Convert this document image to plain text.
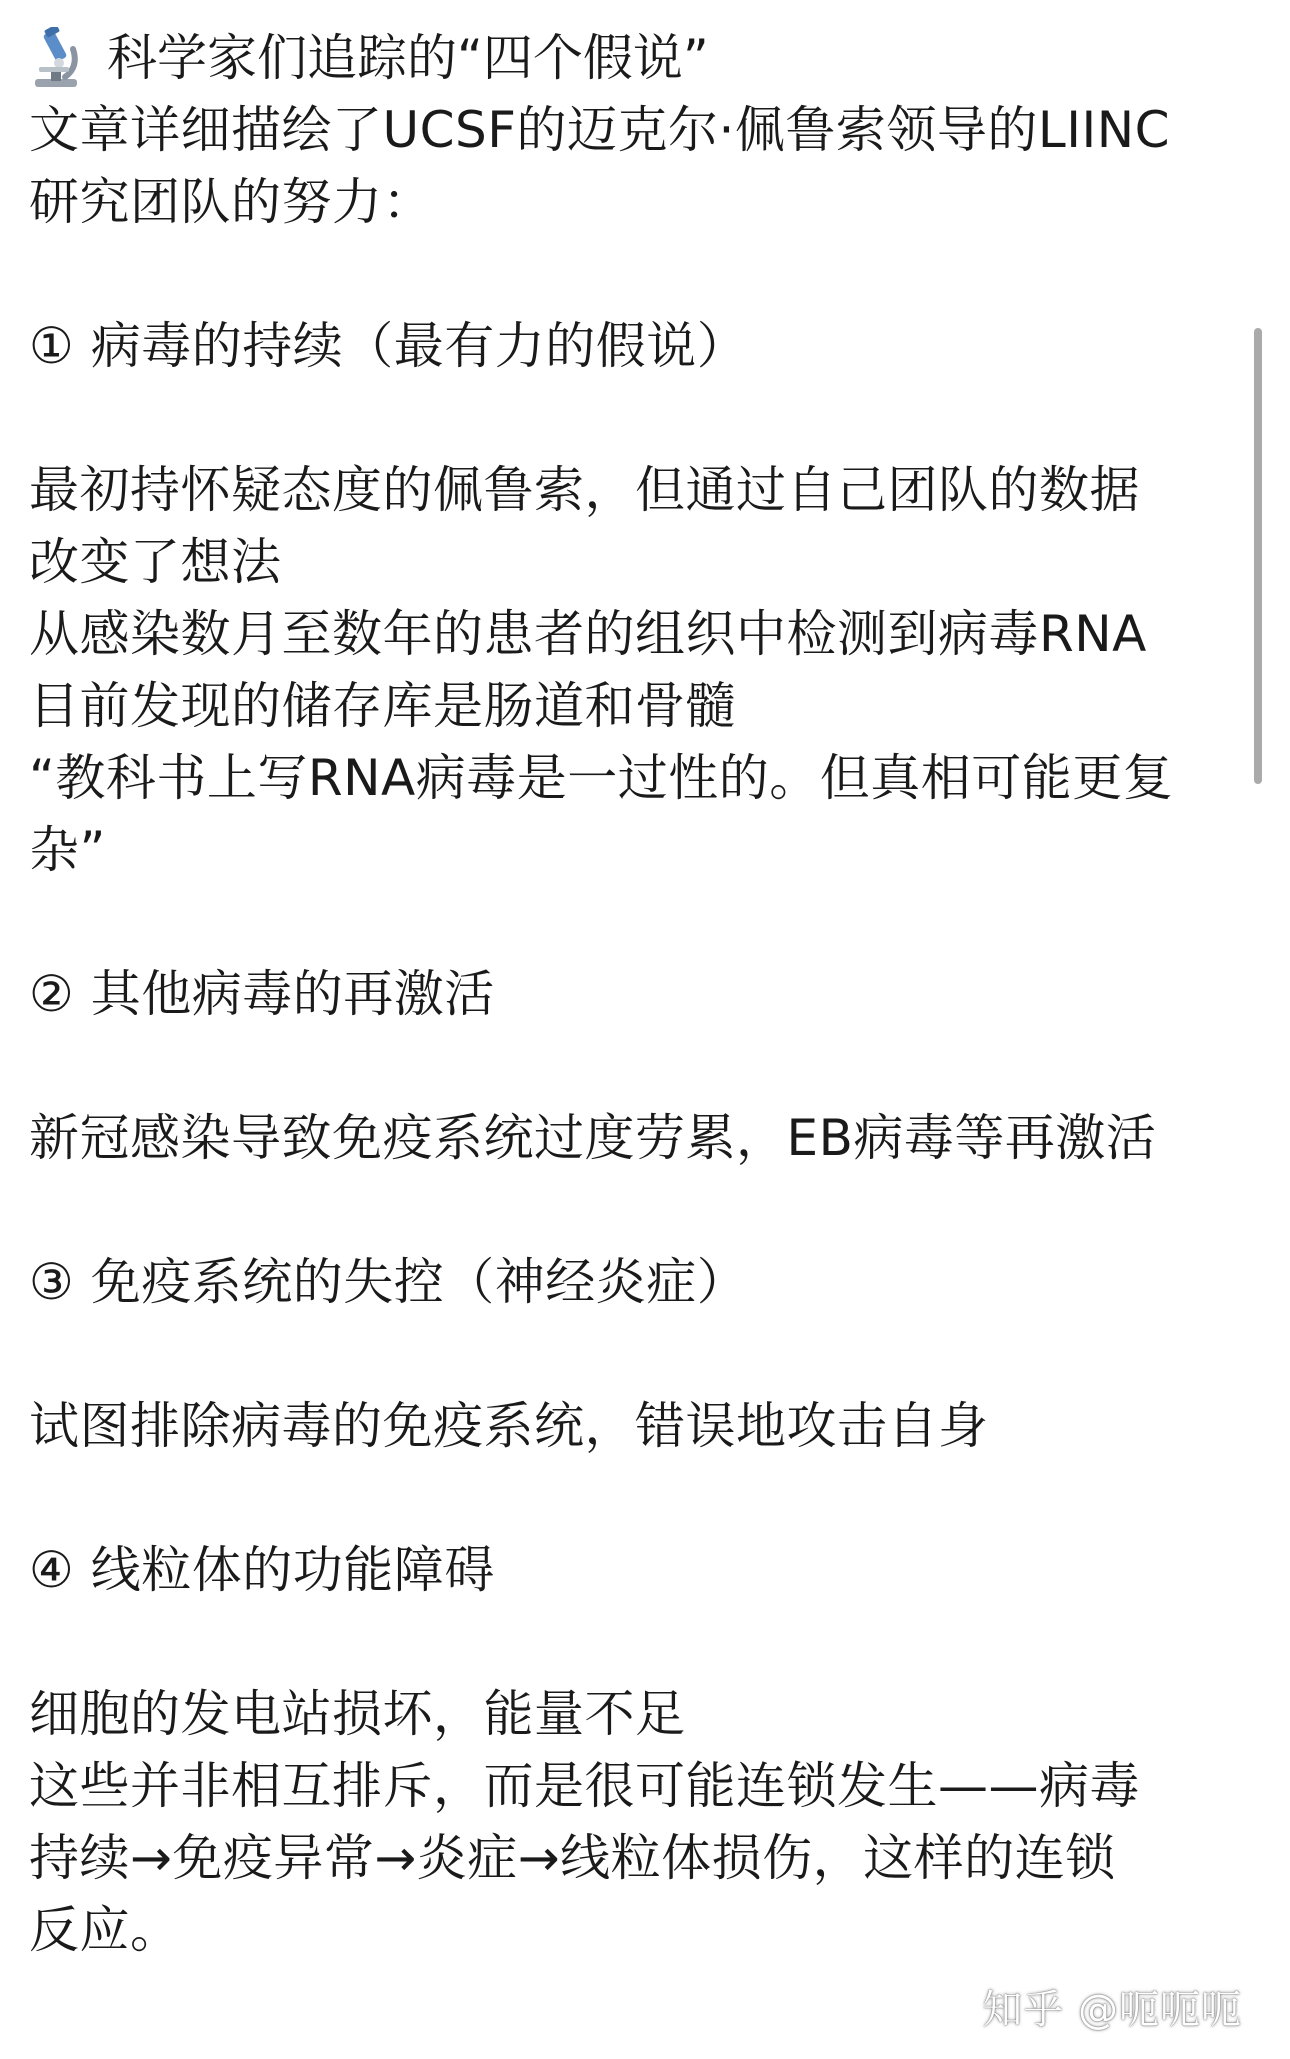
科学家们追踪的“四个假说”
文章详细描绘了UCSF的迈克尔·佩鲁索领导的LIINC
研究团队的努力：
① 病毒的持续（最有力的假说）
最初持怀疑态度的佩鲁索，但通过自己团队的数据
改变了想法
从感染数月至数年的患者的组织中检测到病毒RNA
目前发现的储存库是肠道和骨髓
“教科书上写RNA病毒是一过性的。但真相可能更复
杂”
② 其他病毒的再激活
新冠感染导致免疫系统过度劳累，EB病毒等再激活
③ 免疫系统的失控（神经炎症）
试图排除病毒的免疫系统，错误地攻击自身
④ 线粒体的功能障碍
细胞的发电站损坏，能量不足
这些并非相互排斥，而是很可能连锁发生——病毒
持续→免疫异常→炎症→线粒体损伤，这样的连锁
反应。
知乎 @呃呃呃
